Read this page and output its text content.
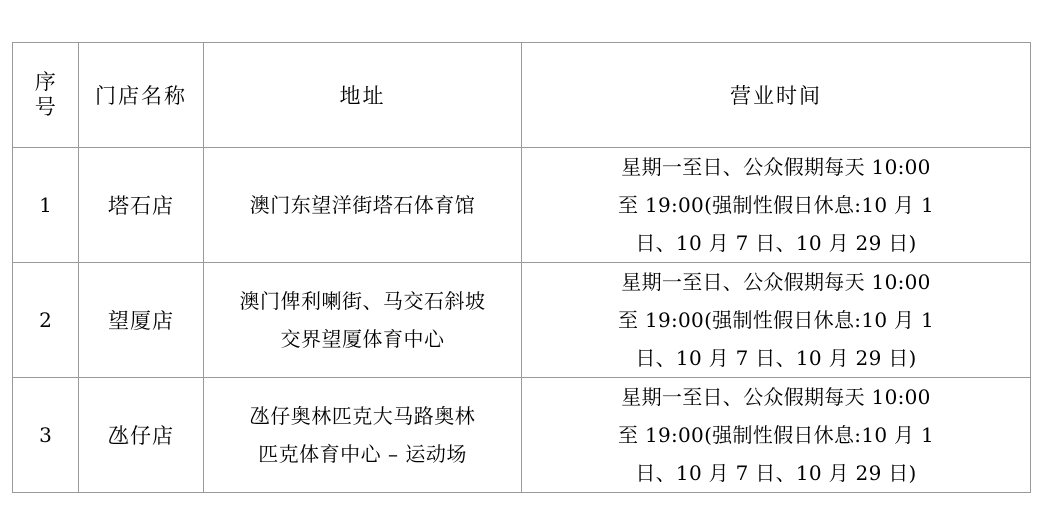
序
号	门店名称	地址	营业时间
1	塔石店	澳门东望洋街塔石体育馆	星期一至日、公众假期每天 10:00
至 19:00(强制性假日休息:10 月 1
日、10 月 7 日、10 月 29 日)

2	望厦店	澳门俾利喇街、马交石斜坡
交界望厦体育中心	星期一至日、公众假期每天 10:00
至 19:00(强制性假日休息:10 月 1
日、10 月 7 日、10 月 29 日)

3	氹仔店	氹仔奥林匹克大马路奥林
匹克体育中心 – 运动场	星期一至日、公众假期每天 10:00
至 19:00(强制性假日休息:10 月 1
日、10 月 7 日、10 月 29 日)
